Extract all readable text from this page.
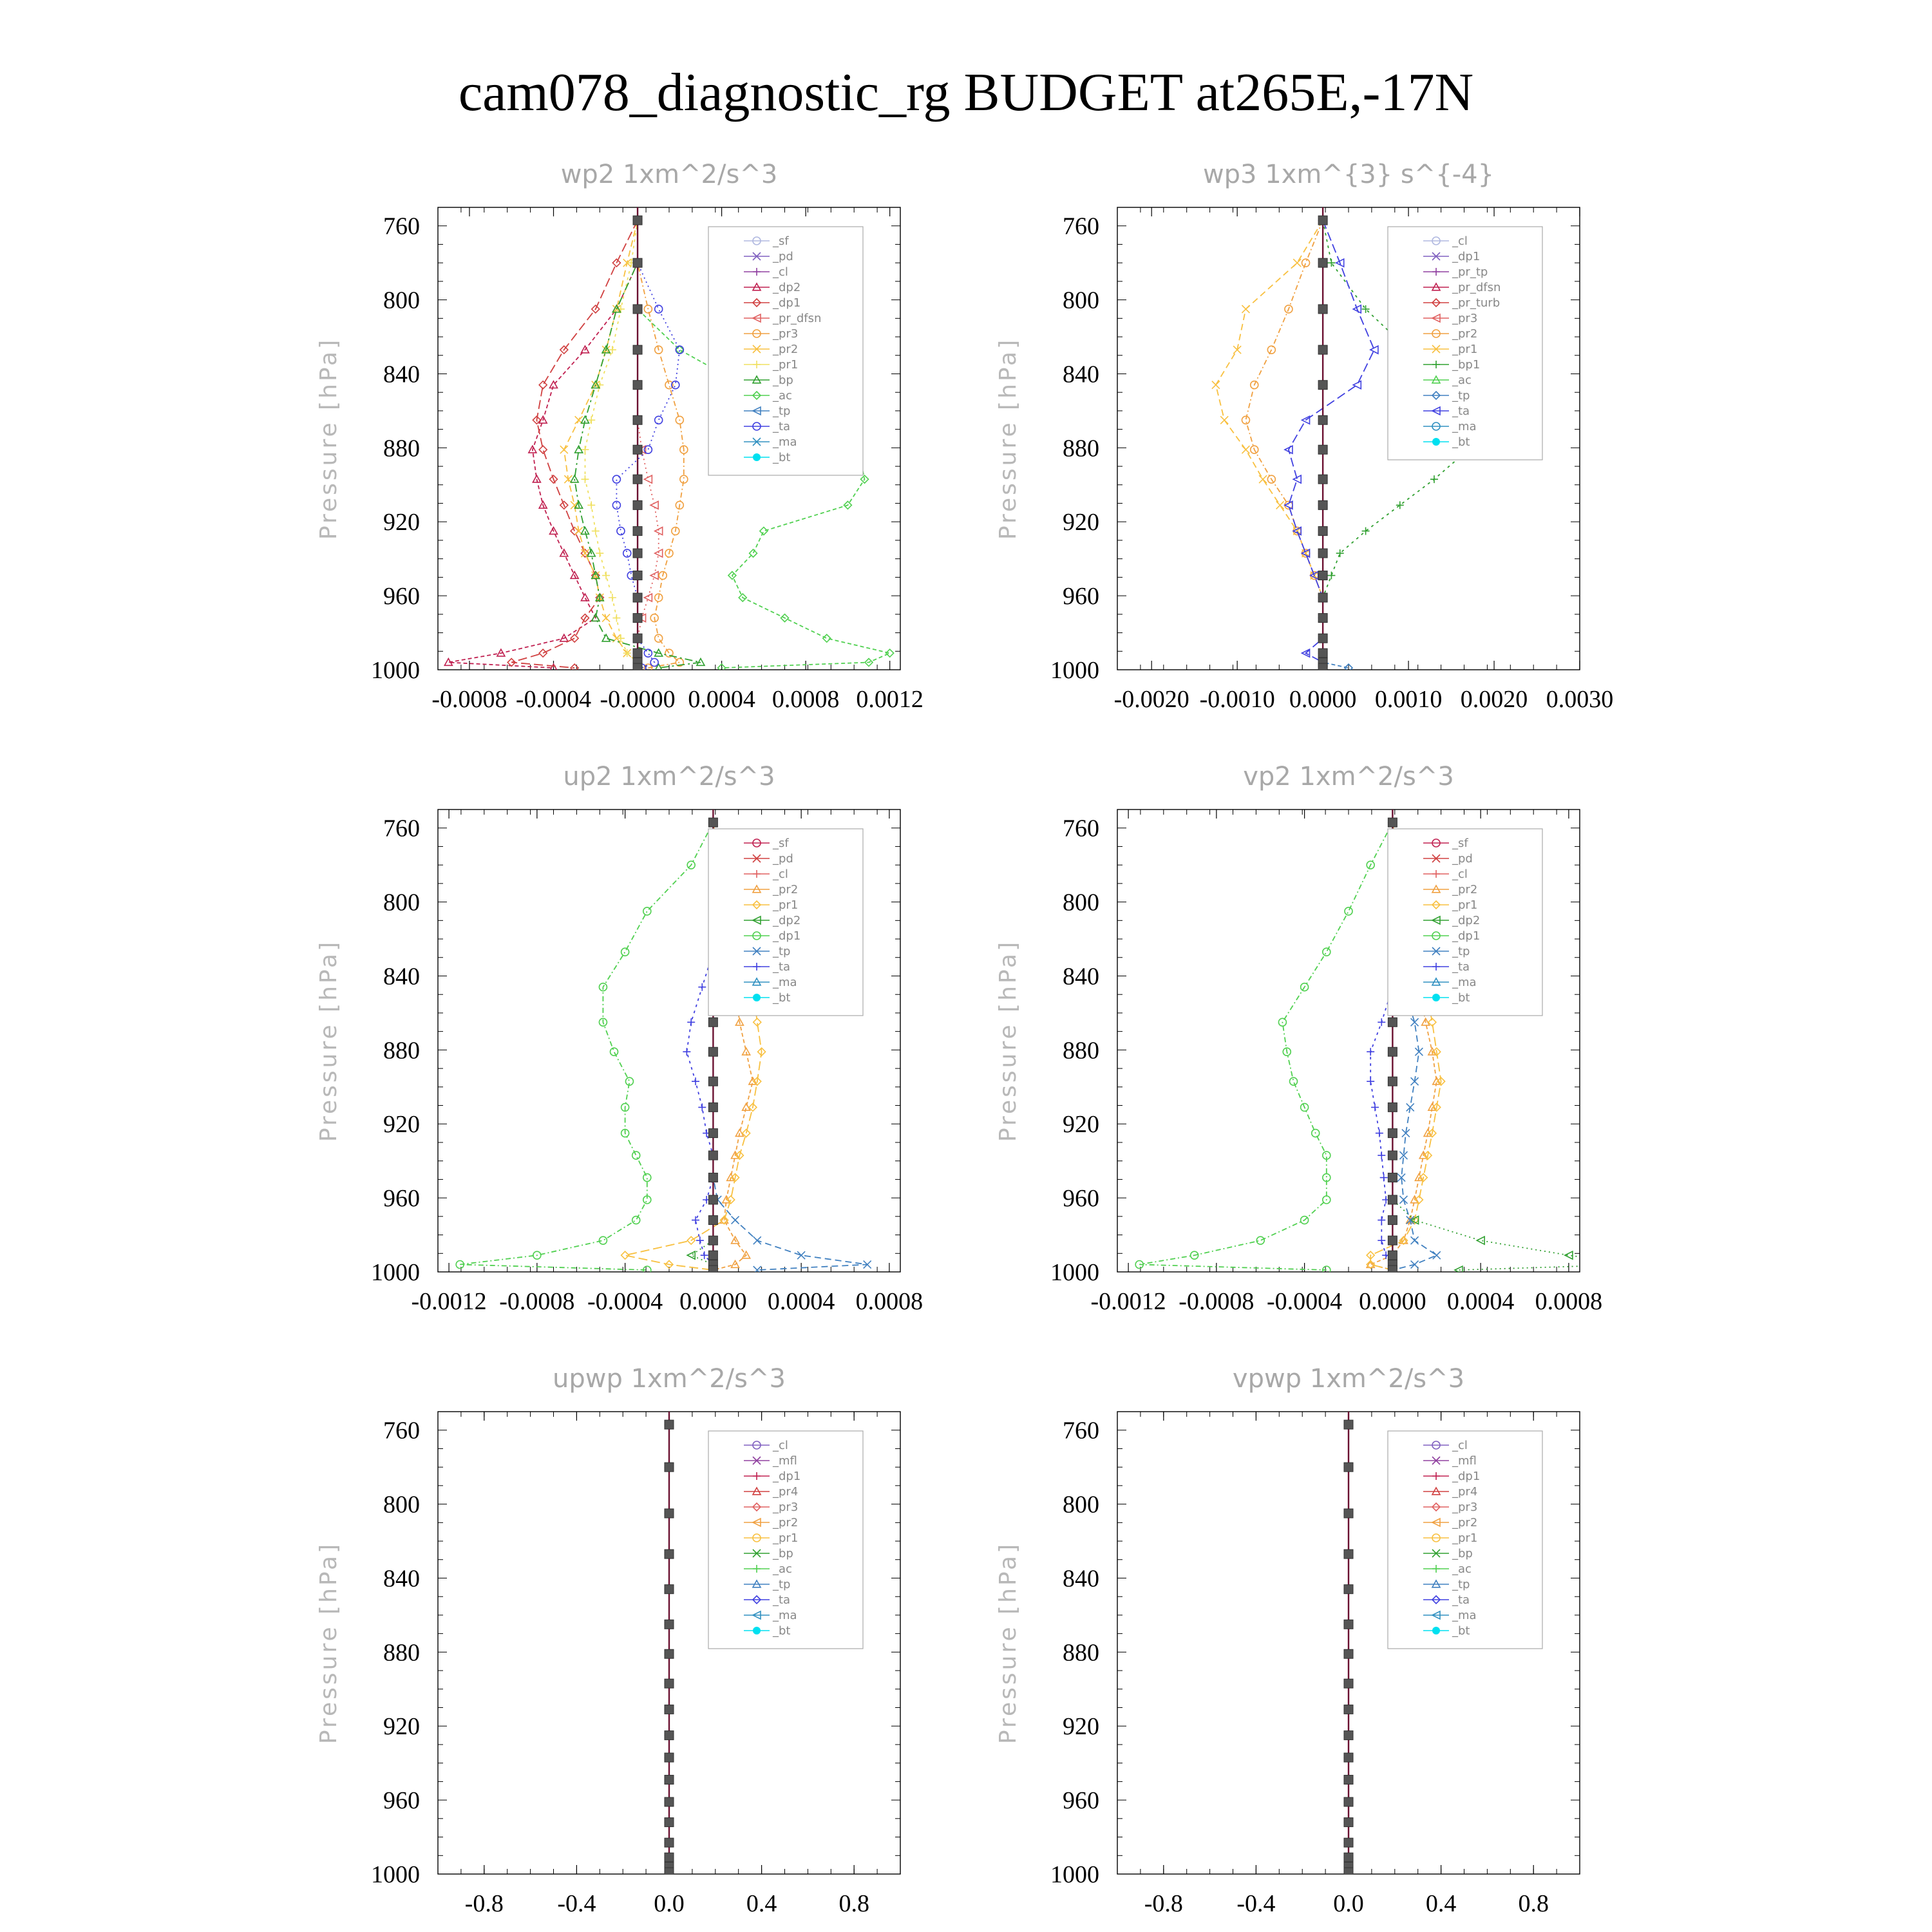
cam078_diagnostic_rg BUDGET at265E,-17N
wp2 1xm^2/s^3
Pressure [hPa]
760
800
840
880
920
960
1000
-0.0008 -0.0004 -0.0000 0.0004 0.0008 0.0012
_sf
_pd
_cl
_dp2
_dp1
_pr_dfsn
_pr3
_pr2
_pr1
_bp
_ac
_tp
_ta
_ma
_bt
wp3 1xm^{3} s^{-4}
Pressure [hPa]
760
800
840
880
920
960
1000
-0.0020 -0.0010 0.0000 0.0010 0.0020 0.0030
_cl
_dp1
_pr_tp
_pr_dfsn
_pr_turb
_pr3
_pr2
_pr1
_bp1
_ac
_tp
_ta
_ma
_bt
up2 1xm^2/s^3
Pressure [hPa]
760
800
840
880
920
960
1000
-0.0012 -0.0008 -0.0004 0.0000 0.0004 0.0008
_sf
_pd
_cl
_pr2
_pr1
_dp2
_dp1
_tp
_ta
_ma
_bt
vp2 1xm^2/s^3
Pressure [hPa]
760
800
840
880
920
960
1000
-0.0012 -0.0008 -0.0004 0.0000 0.0004 0.0008
_sf
_pd
_cl
_pr2
_pr1
_dp2
_dp1
_tp
_ta
_ma
_bt
upwp 1xm^2/s^3
Pressure [hPa]
760
800
840
880
920
960
1000
-0.8 -0.4 0.0	0.4	0.8
_cl
_mfl
_dp1
_pr4
_pr3
_pr2
_pr1
_bp
_ac
_tp
_ta
_ma
_bt
vpwp 1xm^2/s^3
Pressure [hPa]
760
800
840
880
920
960
1000
-0.8 -0.4 0.0	0.4	0.8
_cl
_mfl
_dp1
_pr4
_pr3
_pr2
_pr1
_bp
_ac
_tp
_ta
_ma
_bt
